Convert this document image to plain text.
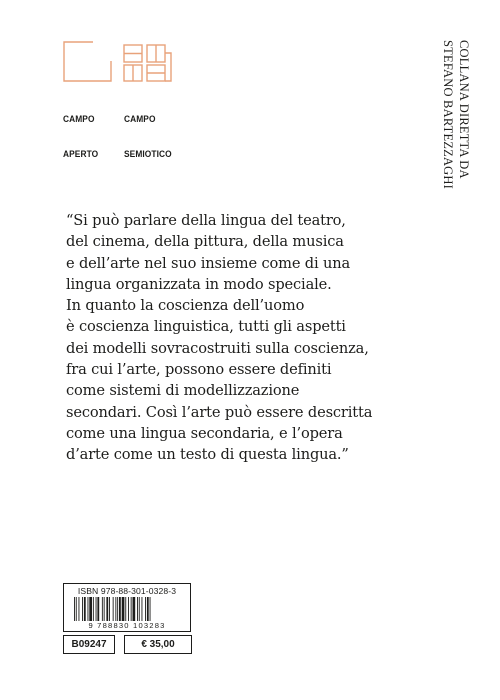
CAMPO

APERTO

CAMPO

SEMIOTICO

	COLLANA DIRETTA DA
STEFANO BARTEZZAGHI
“Si può parlare della lingua del teatro,
del cinema, della pittura, della musica
e dell’arte nel suo insieme come di una
lingua organizzata in modo speciale.
In quanto la coscienza dell’uomo
è coscienza linguistica, tutti gli aspetti
dei modelli sovracostruiti sulla coscienza,
fra cui l’arte, possono essere definiti
come sistemi di modellizzazione
secondari. Così l’arte può essere descritta
come una lingua secondaria, e l’opera
d’arte come un testo di questa lingua.”
ISBN 978-88-301-0328-3
9 788830 103283
B09247	€ 35,00
